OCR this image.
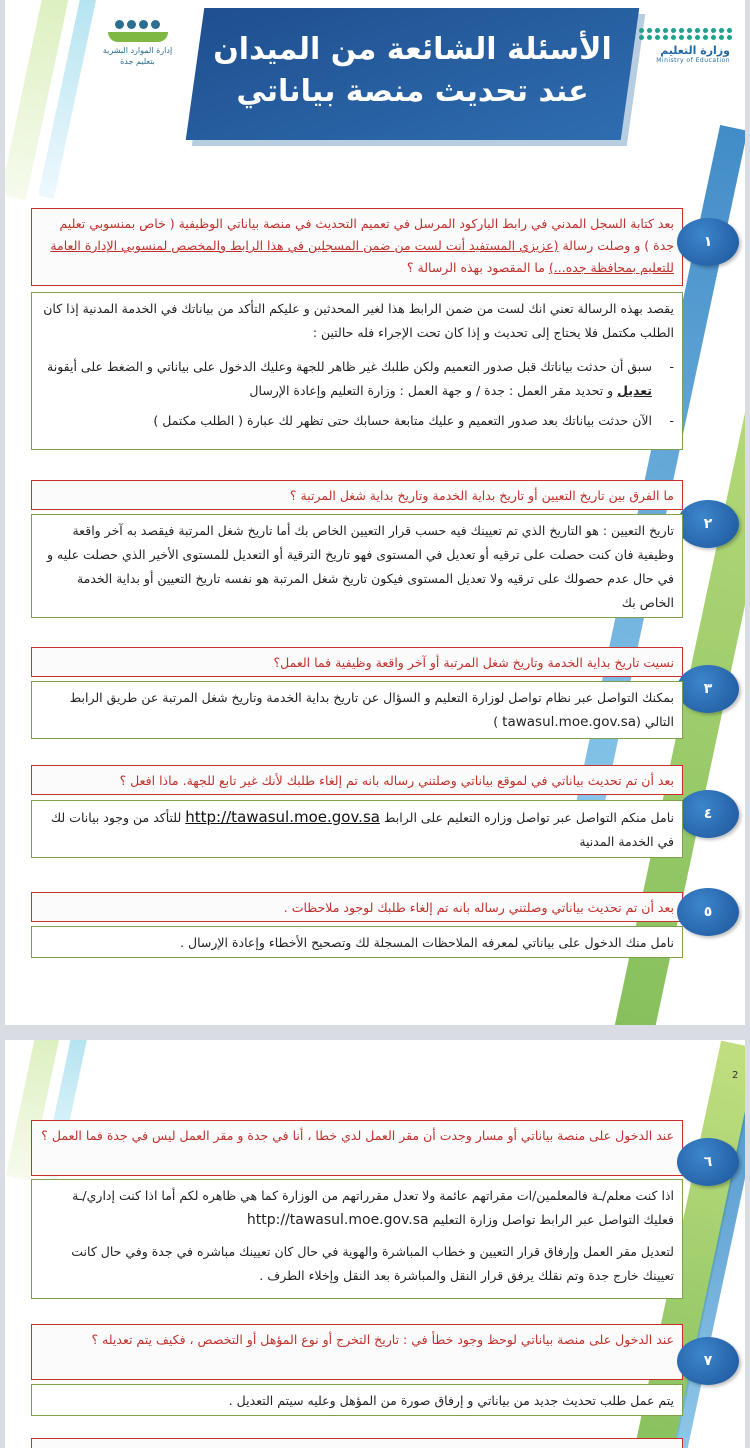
الأسئلة الشائعة من الميدان
عند تحديث منصة بياناتي
وزارة التعليم
Ministry of Education
إدارة الموارد البشرية
بتعليم جدة
بعد كتابة السجل المدني في رابط الباركود المرسل في تعميم التحديث في منصة بياناتي الوظيفية ( خاص بمنسوبي تعليم جدة ) و وصلت رسالة (عزيزي المستفيد أنت لست من ضمن المسجلين في هذا الرابط والمخصص لمنسوبي الإدارة العامة للتعليم بمحافظة جده...) ما المقصود بهذه الرسالة ؟
١
يقصد بهذه الرسالة تعني انك لست من ضمن الرابط هذا لغير المحدثين و عليكم التأكد من بياناتك في الخدمة المدنية إذا كان الطلب مكتمل فلا يحتاج إلى تحديث و إذا كان تحت الإجراء فله حالتين :
-
سبق أن حدثت بياناتك قبل صدور التعميم ولكن طلبك غير ظاهر للجهة وعليك الدخول على بياناتي و الضغط على أيقونة تعديل و تحديد مقر العمل : جدة / و جهة العمل : وزارة التعليم وإعادة الإرسال
-
الآن حدثت بياناتك بعد صدور التعميم و عليك متابعة حسابك حتى تظهر لك عبارة ( الطلب مكتمل )
ما الفرق بين تاريخ التعيين أو تاريخ بداية الخدمة وتاريخ بداية شغل المرتبة ؟
٢
تاريخ التعيين : هو التاريخ الذي تم تعيينك فيه حسب قرار التعيين الخاص بك أما تاريخ شغل المرتبة فيقصد به آخر واقعة وظيفية فان كنت حصلت على ترقيه أو تعديل في المستوى فهو تاريخ الترقية أو التعديل للمستوى الأخير الذي حصلت عليه و في حال عدم حصولك على ترقيه ولا تعديل المستوى فيكون تاريخ شغل المرتبة هو نفسه تاريخ التعيين أو بداية الخدمة الخاص بك
نسيت تاريخ بداية الخدمة وتاريخ شغل المرتبة أو آخر واقعة وظيفية فما العمل؟
٣
بمكنك التواصل عبر نظام تواصل لوزارة التعليم و السؤال عن تاريخ بداية الخدمة وتاريخ شغل المرتبة عن طريق الرابط التالي (tawasul.moe.gov.sa )
بعد أن تم تحديث بياناتي في لموقع بياناتي وصلتني رساله بانه تم إلغاء طلبك لأنك غير تابع للجهة. ماذا افعل ؟
٤
نامل منكم التواصل عبر تواصل وزاره التعليم على الرابط http://tawasul.moe.gov.sa للتأكد من وجود بيانات لك في الخدمة المدنية
بعد أن تم تحديث بياناتي وصلتني رساله بانه تم إلغاء طلبك لوجود ملاحظات .	٥
نامل منك الدخول على بياناتي لمعرفه الملاحظات المسجلة لك وتصحيح الأخطاء وإعادة الإرسال .
2
عند الدخول على منصة بياناتي أو مسار وجدت أن مقر العمل لدي خطا ، أنا في جدة و مقر العمل ليس في جدة فما العمل ؟
٦
اذا كنت معلم/ـة فالمعلمين/ات مقراتهم عائمة ولا تعدل مقرراتهم من الوزارة كما هي ظاهره لكم أما اذا كنت إداري/ـة فعليك التواصل عبر الرابط تواصل وزارة التعليم http://tawasul.moe.gov.sa
لتعديل مقر العمل وإرفاق قرار التعيين و خطاب المباشرة والهوية في حال كان تعيينك مباشره في جدة وفي حال كانت تعيينك خارج جدة وتم نقلك يرفق قرار النقل والمباشرة بعد النقل وإخلاء الطرف .
عند الدخول على منصة بياناتي لوحظ وجود خطأ في : تاريخ التخرج أو نوع المؤهل أو التخصص ، فكيف يتم تعديله ؟
٧
يتم عمل طلب تحديث جديد من بياناتي و إرفاق صورة من المؤهل وعليه سيتم التعديل .
